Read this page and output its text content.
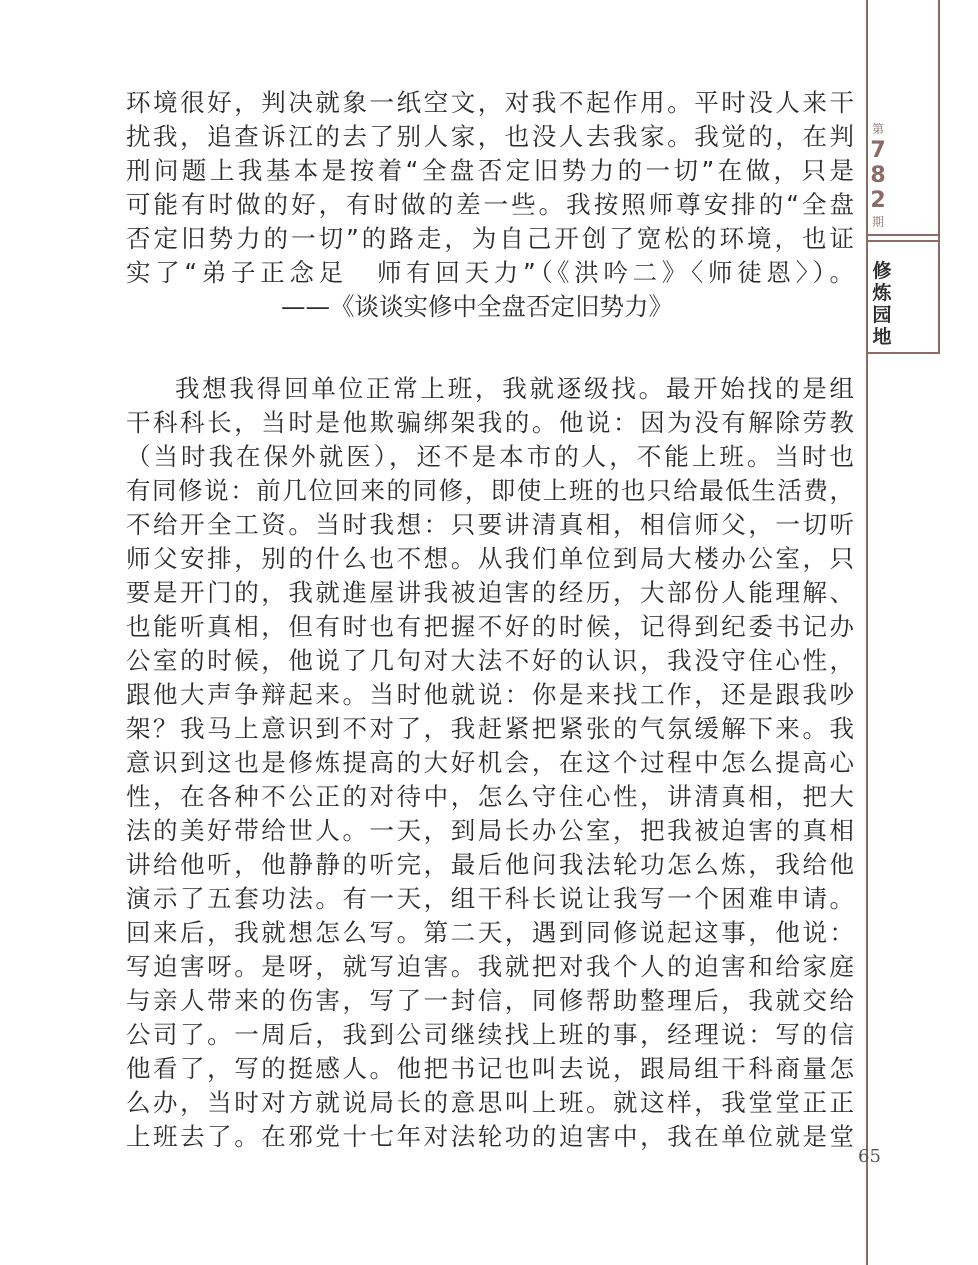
第
7
8
2
期
修
炼
园
地
环境很好，判决就象一纸空文，对我不起作用。平时没人来干
扰我，追查诉江的去了别人家，也没人去我家。我觉的，在判
刑问题上我基本是按着“全盘否定旧势力的一切”在做，只是
可能有时做的好，有时做的差一些。我按照师尊安排的“全盘
否定旧势力的一切”的路走，为自己开创了宽松的环境，也证
实了“弟子正念足　师有回天力”（《洪吟二》〈师徒恩〉）。
——《谈谈实修中全盘否定旧势力》
我想我得回单位正常上班，我就逐级找。最开始找的是组
干科科长，当时是他欺骗绑架我的。他说：因为没有解除劳教
（当时我在保外就医），还不是本市的人，不能上班。当时也
有同修说：前几位回来的同修，即使上班的也只给最低生活费，
不给开全工资。当时我想：只要讲清真相，相信师父，一切听
师父安排，别的什么也不想。从我们单位到局大楼办公室，只
要是开门的，我就進屋讲我被迫害的经历，大部份人能理解、
也能听真相，但有时也有把握不好的时候，记得到纪委书记办
公室的时候，他说了几句对大法不好的认识，我没守住心性，
跟他大声争辩起来。当时他就说：你是来找工作，还是跟我吵
架？我马上意识到不对了，我赶紧把紧张的气氛缓解下来。我
意识到这也是修炼提高的大好机会，在这个过程中怎么提高心
性，在各种不公正的对待中，怎么守住心性，讲清真相，把大
法的美好带给世人。一天，到局长办公室，把我被迫害的真相
讲给他听，他静静的听完，最后他问我法轮功怎么炼，我给他
演示了五套功法。有一天，组干科长说让我写一个困难申请。
回来后，我就想怎么写。第二天，遇到同修说起这事，他说：
写迫害呀。是呀，就写迫害。我就把对我个人的迫害和给家庭
与亲人带来的伤害，写了一封信，同修帮助整理后，我就交给
公司了。一周后，我到公司继续找上班的事，经理说：写的信
他看了，写的挺感人。他把书记也叫去说，跟局组干科商量怎
么办，当时对方就说局长的意思叫上班。就这样，我堂堂正正
上班去了。在邪党十七年对法轮功的迫害中，我在单位就是堂
65
